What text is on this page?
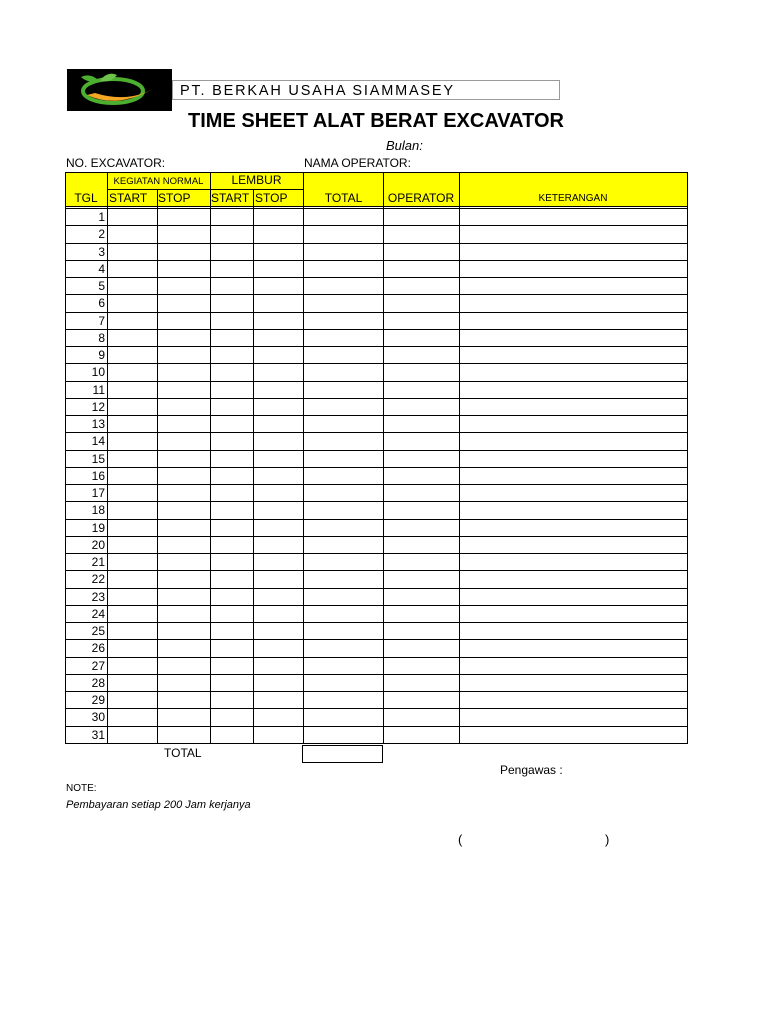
PT. BERKAH USAHA SIAMMASEY
TIME SHEET ALAT BERAT EXCAVATOR
Bulan:
NO. EXCAVATOR:	NAMA OPERATOR:
TGL
KEGIATAN NORMAL	LEMBUR
START STOP START STOP	TOTAL	OPERATOR	KETERANGAN
1
2
3
4
5
6
7
8
9
10
11
12
13
14
15
16
17
18
19
20
21
22
23
24
25
26
27
28
29
30
31
TOTAL
Pengawas :
NOTE:
Pembayaran setiap 200 Jam kerjanya
(	)
